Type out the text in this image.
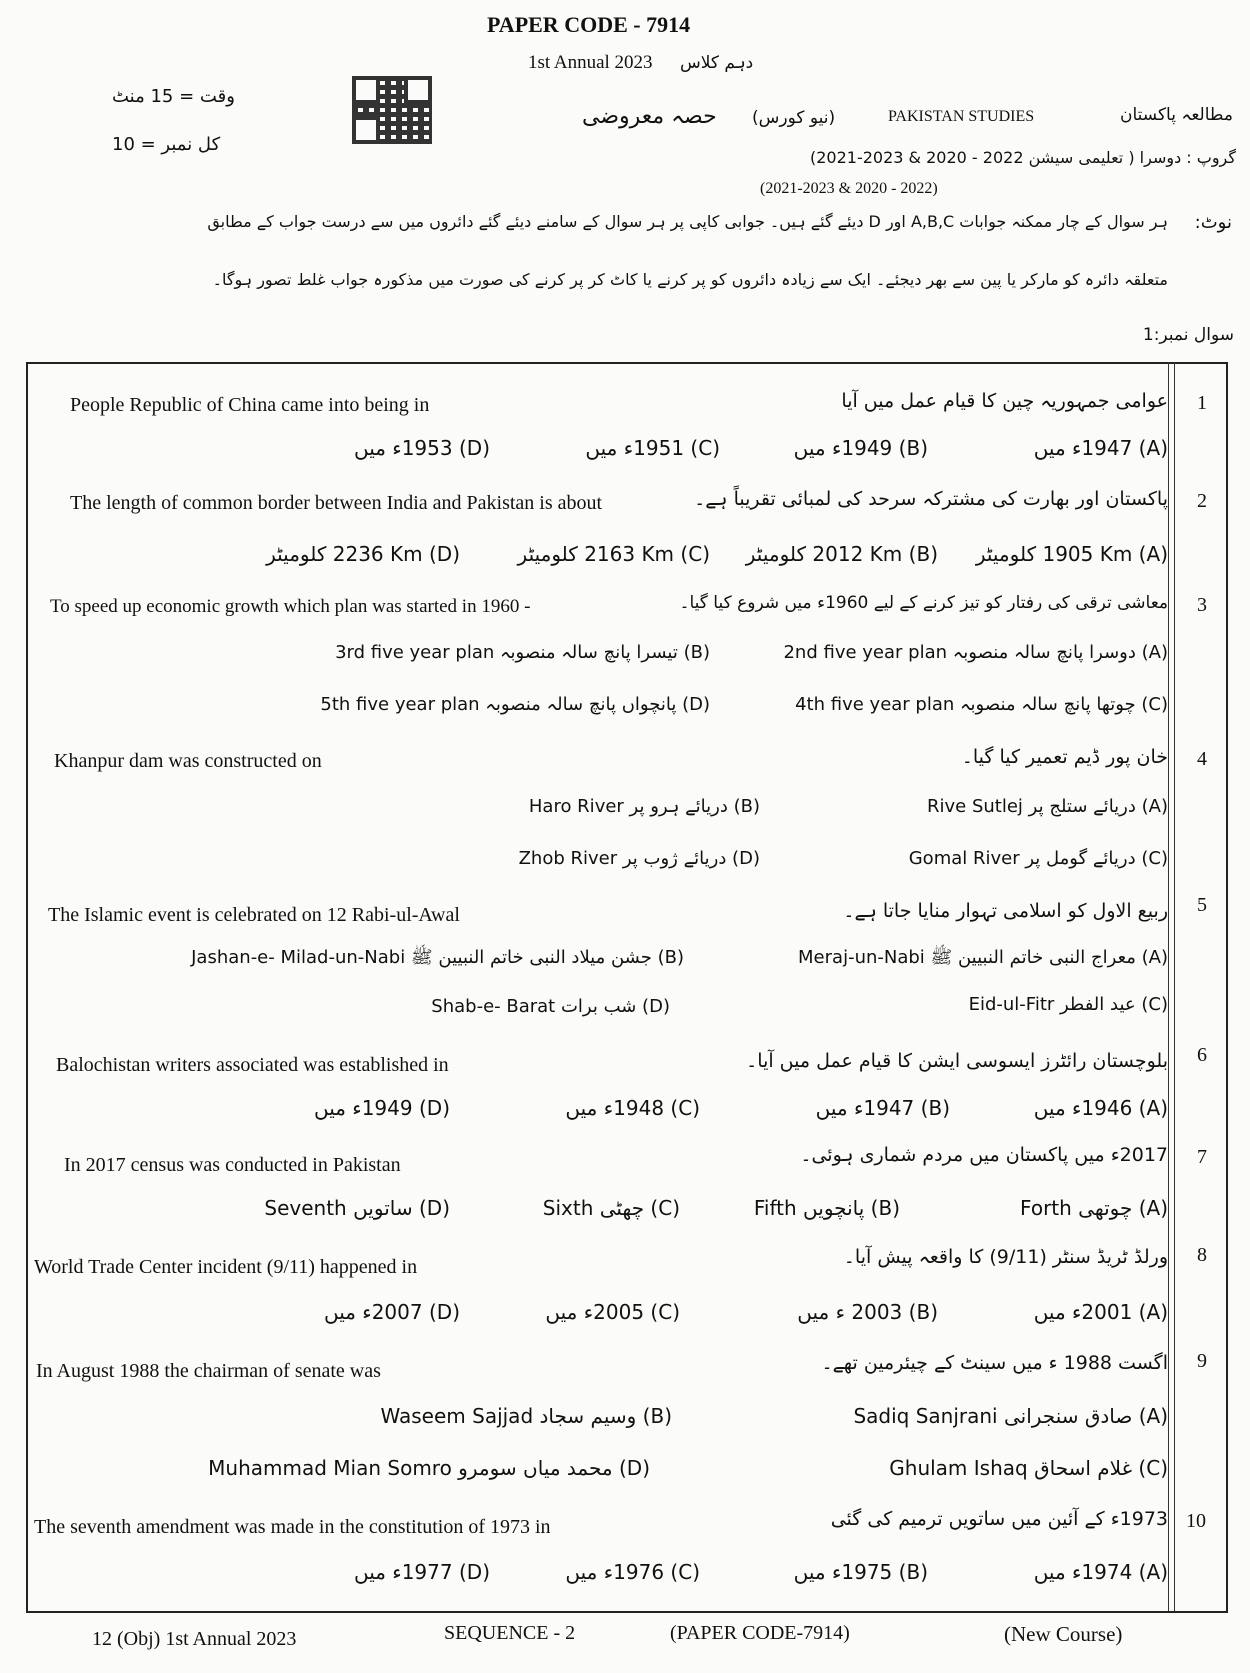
PAPER CODE - 7914
1st Annual 2023 دہم کلاس
وقت = 15 منٹ
کل نمبر = 10
حصہ معروضی (نیو کورس)	PAKISTAN STUDIES	مطالعہ پاکستان
گروپ : دوسرا ( تعلیمی سیشن 2022 - 2020 & 2023-2021)
(2021-2023 & 2020 - 2022)
نوٹ:
ہر سوال کے چار ممکنہ جوابات A,B,C اور D دیئے گئے ہیں۔ جوابی کاپی پر ہر سوال کے سامنے دیئے گئے دائروں میں سے درست جواب کے مطابق
متعلقہ دائرہ کو مارکر یا پین سے بھر دیجئے۔ ایک سے زیادہ دائروں کو پر کرنے یا کاٹ کر پر کرنے کی صورت میں مذکورہ جواب غلط تصور ہوگا۔
سوال نمبر:1
1
People Republic of China came into being in	عوامی جمہوریہ چین کا قیام عمل میں آیا
(A) 1947ء میں
(B) 1949ء میں
(C) 1951ء میں
(D) 1953ء میں
2
The length of common border between India and Pakistan is about	پاکستان اور بھارت کی مشترکہ سرحد کی لمبائی تقریباً ہے۔
(A) 1905 Km کلومیٹر
(B) 2012 Km کلومیٹر
(C) 2163 Km کلومیٹر
(D) 2236 Km کلومیٹر
3
To speed up economic growth which plan was started in 1960 -	معاشی ترقی کی رفتار کو تیز کرنے کے لیے 1960ء میں شروع کیا گیا۔
(A) دوسرا پانچ سالہ منصوبہ 2nd five year plan
(B) تیسرا پانچ سالہ منصوبہ 3rd five year plan
(C) چوتھا پانچ سالہ منصوبہ 4th five year plan
(D) پانچواں پانچ سالہ منصوبہ 5th five year plan
4
Khanpur dam was constructed on	خان پور ڈیم تعمیر کیا گیا۔
(A) دریائے ستلج پر Rive Sutlej
(B) دریائے ہرو پر Haro River
(C) دریائے گومل پر Gomal River
(D) دریائے ژوب پر Zhob River
5
The Islamic event is celebrated on 12 Rabi-ul-Awal	ربیع الاول کو اسلامی تہوار منایا جاتا ہے۔
(A) معراج النبی خاتم النبیین ﷺ Meraj-un-Nabi
(B) جشن میلاد النبی خاتم النبیین ﷺ Jashan-e- Milad-un-Nabi
(C) عید الفطر Eid-ul-Fitr
(D) شب برات Shab-e- Barat
6
Balochistan writers associated was established in	بلوچستان رائٹرز ایسوسی ایشن کا قیام عمل میں آیا۔
(A) 1946ء میں
(B) 1947ء میں
(C) 1948ء میں
(D) 1949ء میں
7
In 2017 census was conducted in Pakistan	2017ء میں پاکستان میں مردم شماری ہوئی۔
(A) چوتھی Forth
(B) پانچویں Fifth
(C) چھٹی Sixth
(D) ساتویں Seventh
8
World Trade Center incident (9/11) happened in	ورلڈ ٹریڈ سنٹر (9/11) کا واقعہ پیش آیا۔
(A) 2001ء میں
(B) 2003 ء میں
(C) 2005ء میں
(D) 2007ء میں
9
In August 1988 the chairman of senate was	اگست 1988 ء میں سینٹ کے چیئرمین تھے۔
(A) صادق سنجرانی Sadiq Sanjrani
(B) وسیم سجاد Waseem Sajjad
(C) غلام اسحاق Ghulam Ishaq
(D) محمد میاں سومرو Muhammad Mian Somro
10
The seventh amendment was made in the constitution of 1973 in	1973ء کے آئین میں ساتویں ترمیم کی گئی
(A) 1974ء میں
(B) 1975ء میں
(C) 1976ء میں
(D) 1977ء میں
12 (Obj) 1st Annual 2023	SEQUENCE - 2	(PAPER CODE-7914)	(New Course)
